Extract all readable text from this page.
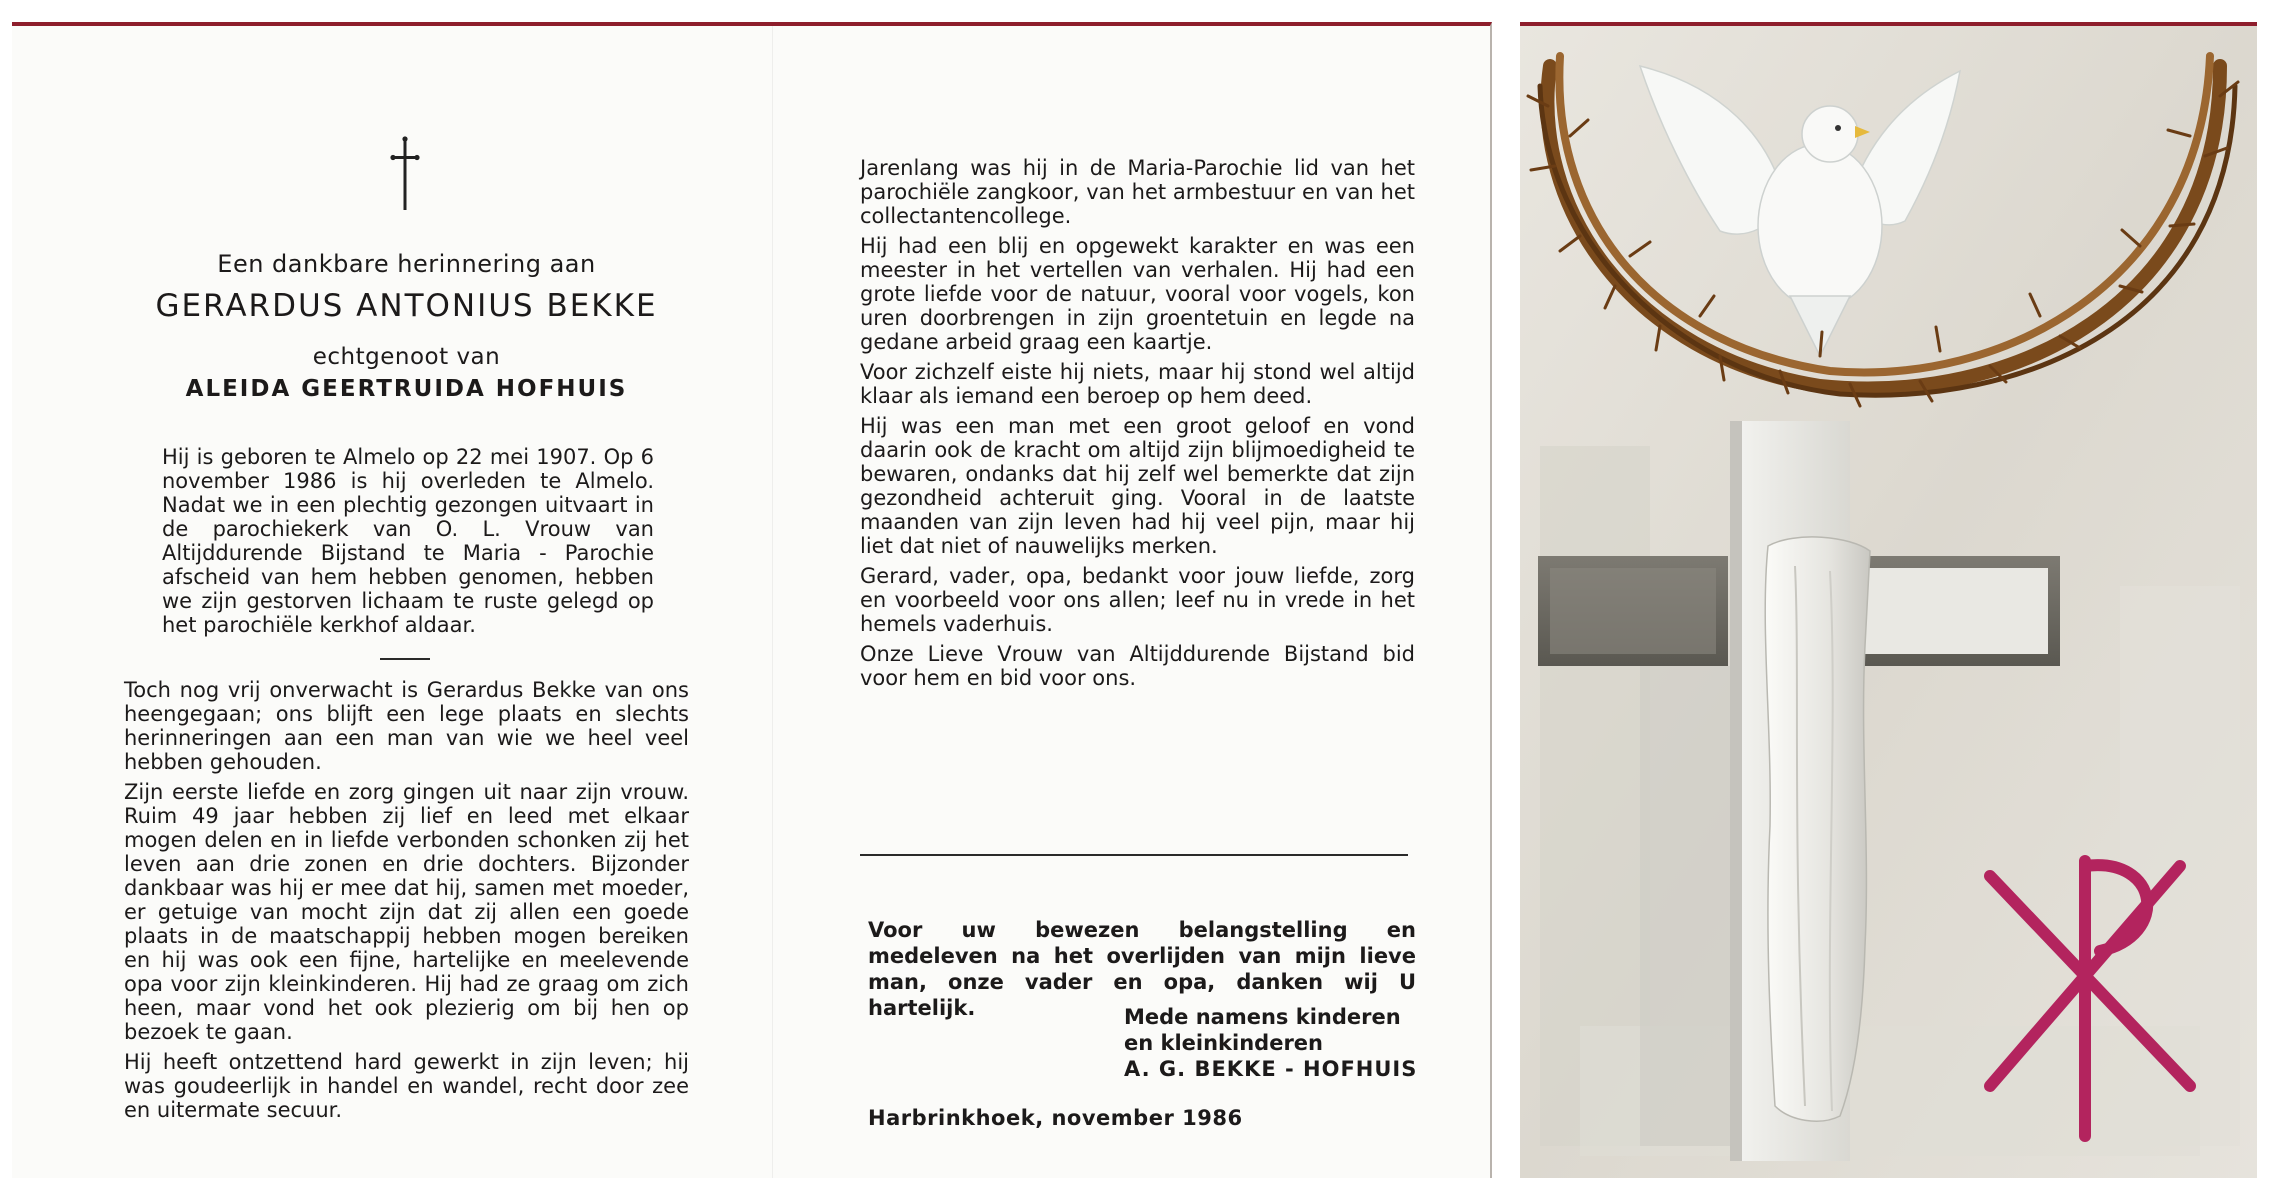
Een dankbare herinnering aan
GERARDUS ANTONIUS BEKKE
echtgenoot van
ALEIDA GEERTRUIDA HOFHUIS

Hij is geboren te Almelo op 22 mei 1907. Op 6 november 1986 is hij overleden te Almelo. Nadat we in een plechtig gezongen uitvaart in de parochiekerk van O. L. Vrouw van Altijddurende Bijstand te Maria - Parochie afscheid van hem hebben genomen, hebben we zijn gestorven lichaam te ruste gelegd op het parochiële kerkhof aldaar.

Toch nog vrij onverwacht is Gerardus Bekke van ons heengegaan; ons blijft een lege plaats en slechts herinneringen aan een man van wie we heel veel hebben gehouden.

Zijn eerste liefde en zorg gingen uit naar zijn vrouw. Ruim 49 jaar hebben zij lief en leed met elkaar mogen delen en in liefde verbonden schonken zij het leven aan drie zonen en drie dochters. Bijzonder dankbaar was hij er mee dat hij, samen met moeder, er getuige van mocht zijn dat zij allen een goede plaats in de maatschappij hebben mogen bereiken en hij was ook een fijne, hartelijke en meelevende opa voor zijn kleinkinderen. Hij had ze graag om zich heen, maar vond het ook plezierig om bij hen op bezoek te gaan.

Hij heeft ontzettend hard gewerkt in zijn leven; hij was goudeerlijk in handel en wandel, recht door zee en uitermate secuur.

Jarenlang was hij in de Maria-Parochie lid van het parochiële zangkoor, van het armbestuur en van het collectantencollege.

Hij had een blij en opgewekt karakter en was een meester in het vertellen van verhalen. Hij had een grote liefde voor de natuur, vooral voor vogels, kon uren doorbrengen in zijn groentetuin en legde na gedane arbeid graag een kaartje.

Voor zichzelf eiste hij niets, maar hij stond wel altijd klaar als iemand een beroep op hem deed.

Hij was een man met een groot geloof en vond daarin ook de kracht om altijd zijn blijmoedigheid te bewaren, ondanks dat hij zelf wel bemerkte dat zijn gezondheid achteruit ging. Vooral in de laatste maanden van zijn leven had hij veel pijn, maar hij liet dat niet of nauwelijks merken.

Gerard, vader, opa, bedankt voor jouw liefde, zorg en voorbeeld voor ons allen; leef nu in vrede in het hemels vaderhuis.

Onze Lieve Vrouw van Altijddurende Bijstand bid voor hem en bid voor ons.

Voor uw bewezen belangstelling en medeleven na het overlijden van mijn lieve man, onze vader en opa, danken wij U hartelijk.	Mede namens kinderen
en kleinkinderen
A. G. BEKKE - HOFHUIS
Harbrinkhoek, november 1986
